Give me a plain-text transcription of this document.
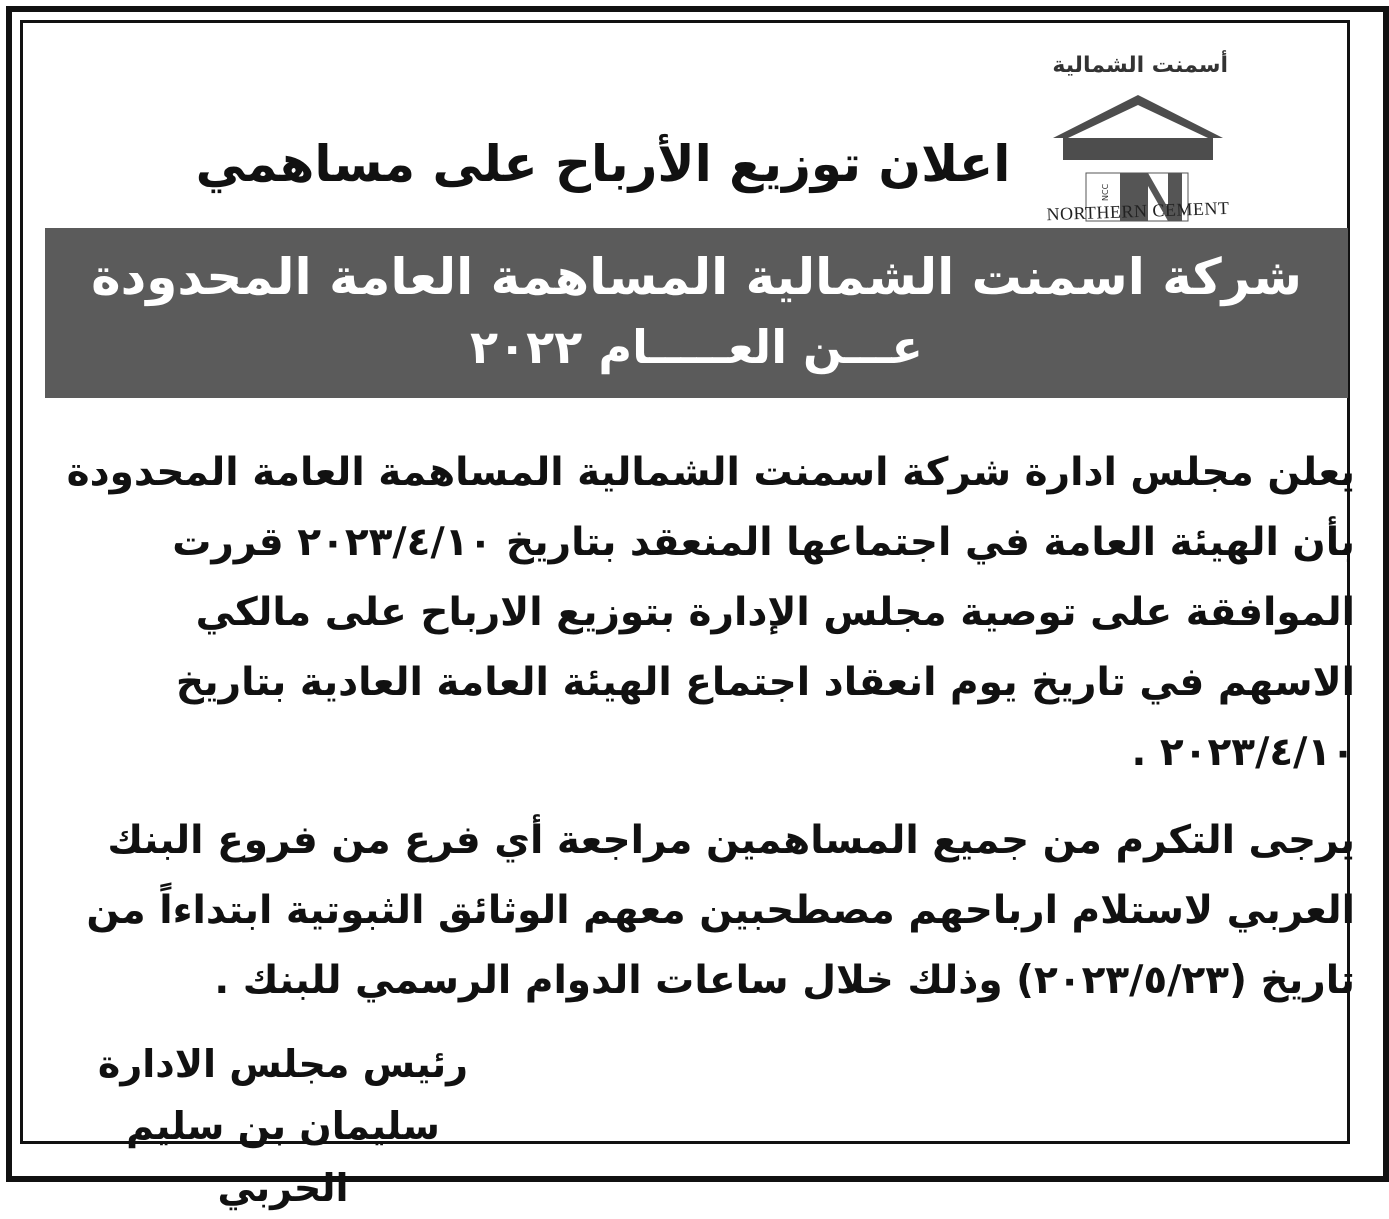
أسمنت الشمالية
NCC
NORTHERN CEMENT
اعلان توزيع الأرباح على مساهمي
شركة اسمنت الشمالية المساهمة العامة المحدودة
عـــن العـــــام ٢٠٢٢
يعلن مجلس ادارة شركة اسمنت الشمالية المساهمة العامة المحدودة بأن الهيئة العامة في اجتماعها المنعقد بتاريخ ٢٠٢٣/٤/١٠ قررت الموافقة على توصية مجلس الإدارة بتوزيع الارباح على مالكي الاسهم في تاريخ يوم انعقاد اجتماع الهيئة العامة العادية بتاريخ ٢٠٢٣/٤/١٠ .
يرجى التكرم من جميع المساهمين مراجعة أي فرع من فروع البنك العربي لاستلام ارباحهم مصطحبين معهم الوثائق الثبوتية ابتداءاً من تاريخ (٢٠٢٣/٥/٢٣) وذلك خلال ساعات الدوام الرسمي للبنك .
رئيس مجلس الادارة
سليمان بن سليم الحربي
